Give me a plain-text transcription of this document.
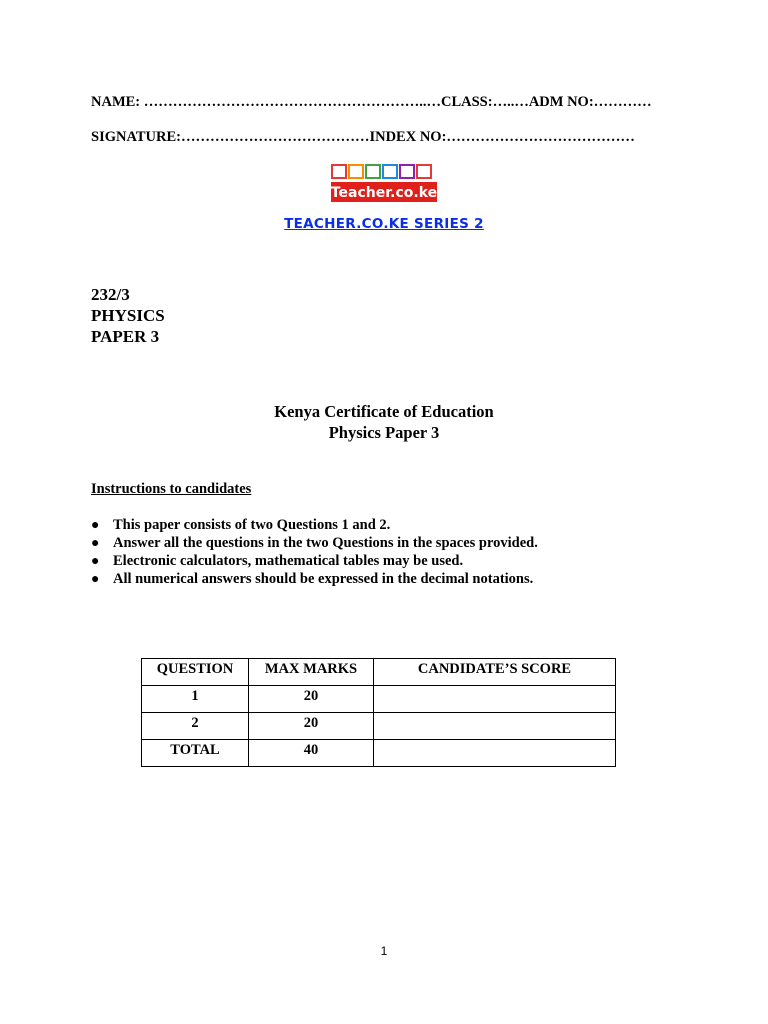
NAME: …………………………………………………..…CLASS:…..…ADM NO:…………
SIGNATURE:…………………………………INDEX NO:…………………………………
Teacher.co.ke
TEACHER.CO.KE SERIES 2
232/3
PHYSICS
PAPER 3
Kenya Certificate of Education
Physics Paper 3
Instructions to candidates
● This paper consists of two Questions 1 and 2.
● Answer all the questions in the two Questions in the spaces provided.
● Electronic calculators, mathematical tables may be used.
● All numerical answers should be expressed in the decimal notations.
QUESTION	MAX MARKS	CANDIDATE’S SCORE
1	20	
2	20	
TOTAL	40	
1
